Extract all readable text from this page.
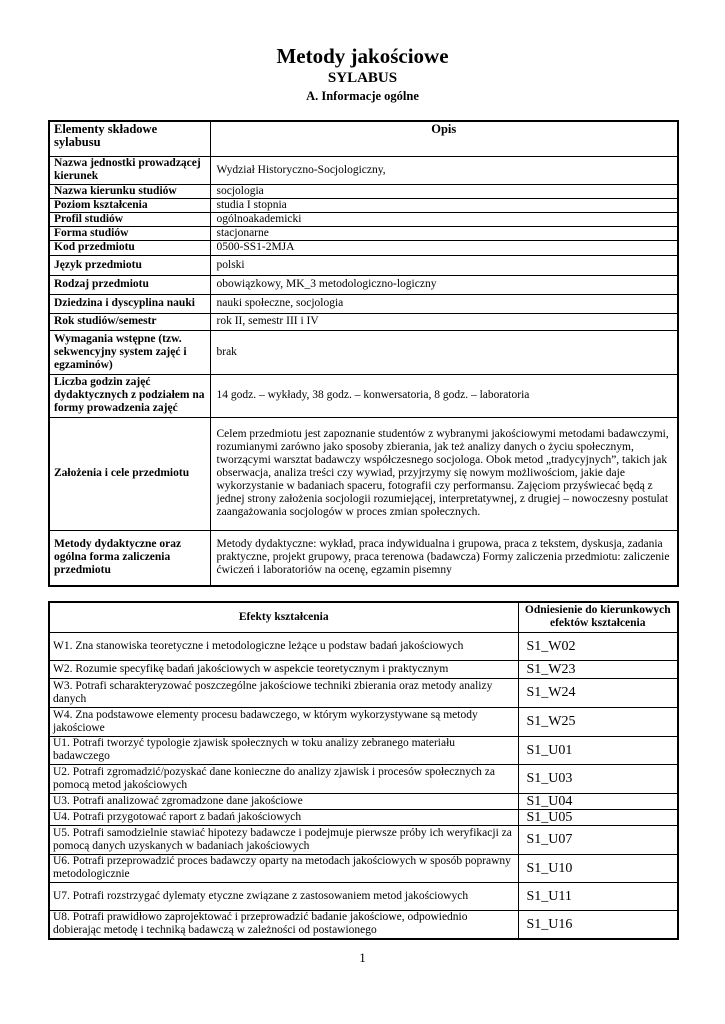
Metody jakościowe
SYLABUS
A. Informacje ogólne
Elementy składowe sylabusu	Opis
Nazwa jednostki prowadzącej kierunek	Wydział Historyczno-Socjologiczny,
Nazwa kierunku studiów	socjologia
Poziom kształcenia	studia I stopnia
Profil studiów	ogólnoakademicki
Forma studiów	stacjonarne
Kod przedmiotu	0500-SS1-2MJA
Język przedmiotu	polski
Rodzaj przedmiotu	obowiązkowy, MK_3 metodologiczno-logiczny
Dziedzina i dyscyplina nauki	nauki społeczne, socjologia
Rok studiów/semestr	rok II, semestr III i IV
Wymagania wstępne (tzw. sekwencyjny system zajęć i egzaminów)	brak
Liczba godzin zajęć dydaktycznych z podziałem na formy prowadzenia zajęć	14 godz. – wykłady, 38 godz. – konwersatoria, 8 godz. – laboratoria
Założenia i cele przedmiotu	Celem przedmiotu jest zapoznanie studentów z wybranymi jakościowymi metodami badawczymi, rozumianymi zarówno jako sposoby zbierania, jak też analizy danych o życiu społecznym, tworzącymi warsztat badawczy współczesnego socjologa. Obok metod „tradycyjnych”, takich jak obserwacja, analiza treści czy wywiad, przyjrzymy się nowym możliwościom, jakie daje wykorzystanie w badaniach spaceru, fotografii czy performansu. Zajęciom przyświecać będą z jednej strony założenia socjologii rozumiejącej, interpretatywnej, z drugiej – nowoczesny postulat zaangażowania socjologów w proces zmian społecznych.
Metody dydaktyczne oraz ogólna forma zaliczenia przedmiotu	Metody dydaktyczne: wykład, praca indywidualna i grupowa, praca z tekstem, dyskusja, zadania praktyczne, projekt grupowy, praca terenowa (badawcza) Formy zaliczenia przedmiotu: zaliczenie ćwiczeń i laboratoriów na ocenę, egzamin pisemny
Efekty kształcenia	Odniesienie do kierunkowych efektów kształcenia
W1. Zna stanowiska teoretyczne i metodologiczne leżące u podstaw badań jakościowych	S1_W02
W2. Rozumie specyfikę badań jakościowych w aspekcie teoretycznym i praktycznym	S1_W23
W3. Potrafi scharakteryzować poszczególne jakościowe techniki zbierania oraz metody analizy danych	S1_W24
W4. Zna podstawowe elementy procesu badawczego, w którym wykorzystywane są metody jakościowe	S1_W25
U1. Potrafi tworzyć typologie zjawisk społecznych w toku analizy zebranego materiału badawczego	S1_U01
U2. Potrafi zgromadzić/pozyskać dane konieczne do analizy zjawisk i procesów społecznych za pomocą metod jakościowych	S1_U03
U3. Potrafi analizować zgromadzone dane jakościowe	S1_U04
U4. Potrafi przygotować raport z badań jakościowych	S1_U05
U5. Potrafi samodzielnie stawiać hipotezy badawcze i podejmuje pierwsze próby ich weryfikacji za pomocą danych uzyskanych w badaniach jakościowych	S1_U07
U6. Potrafi przeprowadzić proces badawczy oparty na metodach jakościowych w sposób poprawny metodologicznie	S1_U10
U7. Potrafi rozstrzygać dylematy etyczne związane z zastosowaniem metod jakościowych	S1_U11
U8. Potrafi prawidłowo zaprojektować i przeprowadzić badanie jakościowe, odpowiednio dobierając metodę i techniką badawczą w zależności od postawionego	S1_U16
1
